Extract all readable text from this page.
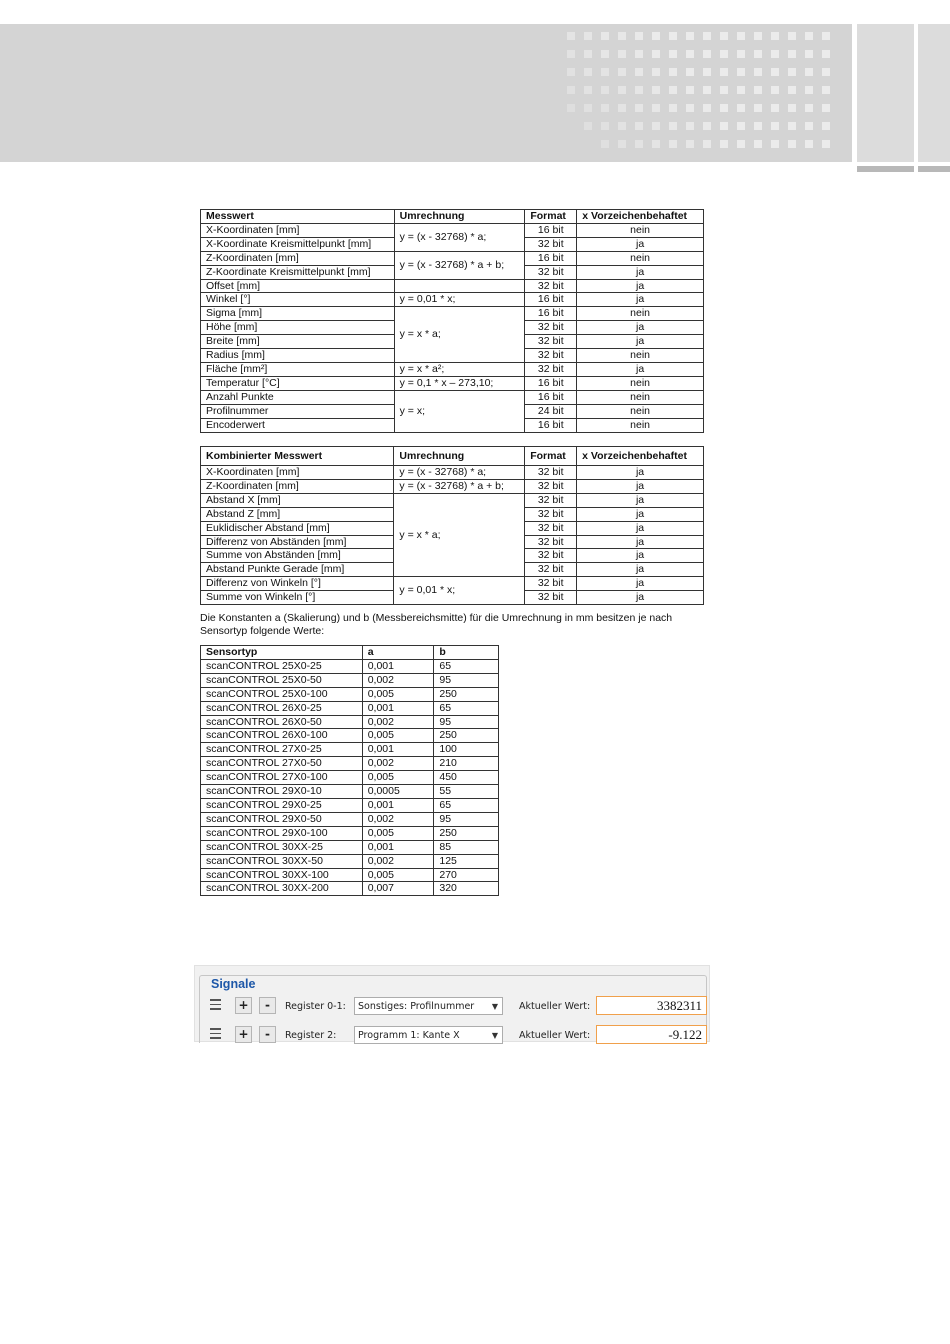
Messwert	Umrechnung	Format	x Vorzeichenbehaftet
X-Koordinaten [mm]	y = (x - 32768) * a;	16 bit	nein
X-Koordinate Kreismittelpunkt [mm]		32 bit	ja
Z-Koordinaten [mm]	y = (x - 32768) * a + b;	16 bit	nein
Z-Koordinate Kreismittelpunkt [mm]		32 bit	ja
Offset [mm]		32 bit	ja
Winkel [°]	y = 0,01 * x;	16 bit	ja
Sigma [mm]	y = x * a;	16 bit	nein
Höhe [mm]		32 bit	ja
Breite [mm]		32 bit	ja
Radius [mm]		32 bit	nein
Fläche [mm²]	y = x * a²;	32 bit	ja
Temperatur [°C]	y = 0,1 * x – 273,10;	16 bit	nein
Anzahl Punkte	y = x;	16 bit	nein
Profilnummer		24 bit	nein
Encoderwert		16 bit	nein
Kombinierter Messwert	Umrechnung	Format	x Vorzeichenbehaftet
X-Koordinaten [mm]	y = (x - 32768) * a;	32 bit	ja
Z-Koordinaten [mm]	y = (x - 32768) * a + b;	32 bit	ja
Abstand X [mm]	y = x * a;	32 bit	ja
Abstand Z [mm]		32 bit	ja
Euklidischer Abstand [mm]		32 bit	ja
Differenz von Abständen [mm]		32 bit	ja
Summe von Abständen [mm]		32 bit	ja
Abstand Punkte Gerade [mm]		32 bit	ja
Differenz von Winkeln [°]	y = 0,01 * x;	32 bit	ja
Summe von Winkeln [°]		32 bit	ja
Die Konstanten a (Skalierung) und b (Messbereichsmitte) für die Umrechnung in mm besitzen je nach Sensortyp folgende Werte:
Sensortyp	a	b
scanCONTROL 25X0-25	0,001	65
scanCONTROL 25X0-50	0,002	95
scanCONTROL 25X0-100	0,005	250
scanCONTROL 26X0-25	0,001	65
scanCONTROL 26X0-50	0,002	95
scanCONTROL 26X0-100	0,005	250
scanCONTROL 27X0-25	0,001	100
scanCONTROL 27X0-50	0,002	210
scanCONTROL 27X0-100	0,005	450
scanCONTROL 29X0-10	0,0005	55
scanCONTROL 29X0-25	0,001	65
scanCONTROL 29X0-50	0,002	95
scanCONTROL 29X0-100	0,005	250
scanCONTROL 30XX-25	0,001	85
scanCONTROL 30XX-50	0,002	125
scanCONTROL 30XX-100	0,005	270
scanCONTROL 30XX-200	0,007	320
Signale
+	-	Register 0-1: Sonstiges: Profilnummer ▼ Aktueller Wert:	3382311
+	-	Register 2: Programm 1: Kante X	▼ Aktueller Wert:	-9.122
